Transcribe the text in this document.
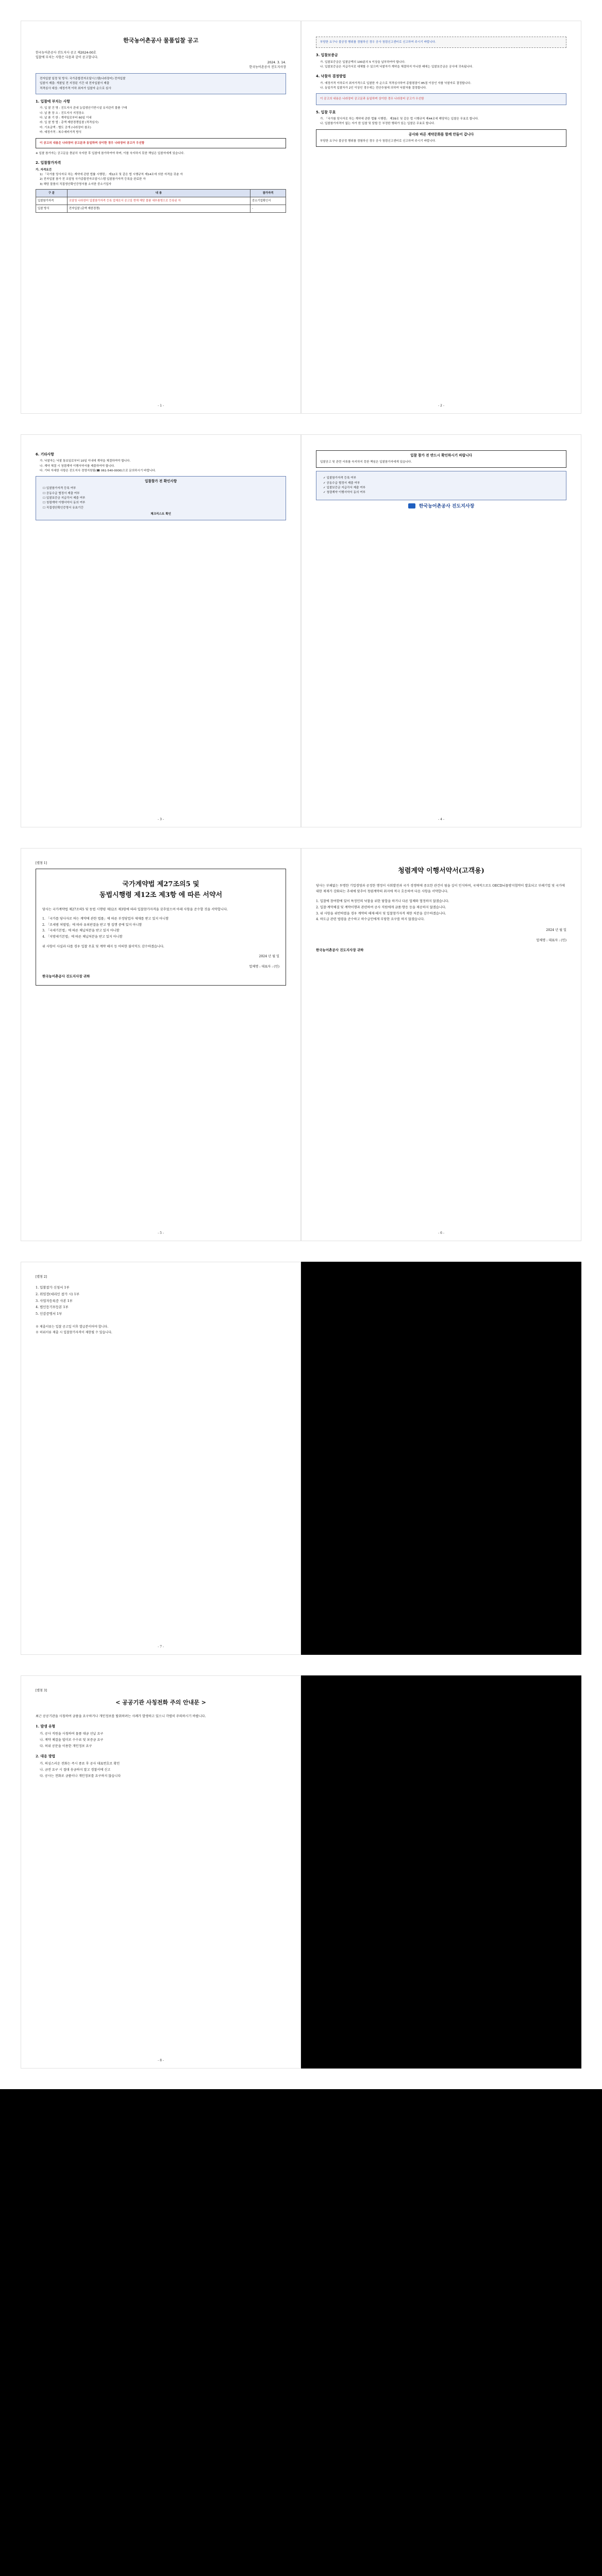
한국농어촌공사 물품입찰 공고
한국농어촌공사 진도지사 공고 제2024-00호
입찰에 부치는 사항은 다음과 같이 공고합니다.
2024. 3. 14.
한국농어촌공사 진도지사장
전자입찰 일정 및 방식: 국가종합전자조달시스템(나라장터) 전자입찰
입찰서 제출: 개찰일 전 지정된 기간 내 전자입찰서 제출
적격심사 대상: 예정가격 이하 최저가 입찰자 순으로 심사
1. 입찰에 부치는 사항
가. 입 찰 건 명 : 진도지사 관내 농업생산기반시설 유지관리 물품 구매
나. 납 품 장 소 : 진도지사 지정장소
다. 납 품 기 한 : 계약일로부터 60일 이내
라. 입 찰 방 법 : 총액 제한경쟁입찰 (적격심사)
마. 기초금액 : 별도 공개 (나라장터 참조)
바. 예정가격 : 복수예비가격 방식
이 공고의 내용은 나라장터 공고문과 동일하며 상이한 경우 나라장터 공고가 우선함
※ 입찰 참가자는 공고문을 충분히 숙지한 후 입찰에 참가하여야 하며, 이를 숙지하지 못한 책임은 입찰자에게 있습니다.
2. 입찰참가자격
가. 자격요건
1) 「국가를 당사자로 하는 계약에 관한 법률 시행령」 제12조 및 같은 법 시행규칙 제14조에 의한 자격을 갖춘 자
2) 전자입찰 참가 전 조달청 국가종합전자조달시스템 입찰참가자격 등록을 완료한 자
3) 해당 물품의 직접생산확인증명서를 소지한 중소기업자
구 분	내 용	참가자격
입찰참가자격	조달청 나라장터 입찰참가자격 등록 업체로서 공고일 현재 해당 물품 세부품명으로 등록된 자	중소기업확인서
입찰 방식	전자입찰 (총액 제한경쟁)	-
- 1 -
부당한 요구나 불공정 행위를 경험하신 경우 공사 청렴신고센터로 신고하여 주시기 바랍니다.
3. 입찰보증금
가. 입찰보증금은 입찰금액의 100분의 5 이상을 납부하여야 합니다.
나. 입찰보증금은 지급각서로 대체할 수 있으며 낙찰자가 계약을 체결하지 아니한 때에는 입찰보증금은 공사에 귀속됩니다.
4. 낙찰자 결정방법
가. 예정가격 이하로서 최저가격으로 입찰한 자 순으로 적격심사하여 종합평점이 85점 이상인 자를 낙찰자로 결정합니다.
나. 동일가격 입찰자가 2인 이상인 경우에는 전산추첨에 의하여 낙찰자를 결정합니다.
이 공고의 내용은 나라장터 공고문과 동일하며 상이한 경우 나라장터 공고가 우선함
5. 입찰 무효
가. 「국가를 당사자로 하는 계약에 관한 법률 시행령」 제39조 및 같은 법 시행규칙 제44조에 해당하는 입찰은 무효로 합니다.
나. 입찰참가자격이 없는 자가 한 입찰 및 담합 등 부정한 행위가 있는 입찰은 무효로 합니다.
공사와 바른 계약문화를 함께 만들어 갑니다
부당한 요구나 불공정 행위를 경험하신 경우 공사 청렴신고센터로 신고하여 주시기 바랍니다.
- 2 -
6. 기타사항
가. 낙찰자는 낙찰 통보일로부터 10일 이내에 계약을 체결하여야 합니다.
나. 계약 체결 시 청렴계약 이행서약서를 제출하여야 합니다.
다. 기타 자세한 사항은 진도지사 경영지원팀(☎ 061-540-0000)으로 문의하시기 바랍니다.
입찰참가 전 확인사항
☐ 입찰참가자격 등록 여부
☐ 공동수급 협정서 제출 여부
☐ 입찰보증금 지급각서 제출 여부
☐ 청렴계약 이행서약서 동의 여부
☐ 직접생산확인증명서 유효기간
체크리스트 확인
- 3 -
입찰 참가 전 반드시 확인하시기 바랍니다
입찰공고 및 관련 서류를 숙지하지 못한 책임은 입찰참가자에게 있습니다.
✓ 입찰참가자격 등록 여부
✓ 공동수급 협정서 제출 여부
✓ 입찰보증금 지급각서 제출 여부
✓ 청렴계약 이행서약서 동의 여부
한국농어촌공사 진도지사장
- 4 -
[별첨 1]
국가계약법 제27조의5 및
동법시행령 제12조 제3항 에 따른 서약서
당사는 국가계약법 제27조의5 및 동법 시행령 제12조 제3항에 따라 입찰참가자격을 갖추었으며 아래 사항을 준수할 것을 서약합니다.
1. 「국가를 당사자로 하는 계약에 관한 법률」에 따른 부정당업자 제재를 받고 있지 아니함
2. 「조세범 처벌법」에 따라 유죄판결을 받고 형 집행 중에 있지 아니함
3. 「국세기본법」에 따른 체납처분을 받고 있지 아니함
4. 「지방세기본법」에 따른 체납처분을 받고 있지 아니함
위 사항이 사실과 다를 경우 입찰 무효 및 계약 해지 등 어떠한 불이익도 감수하겠습니다.
2024 년 월 일
업체명 : 대표자 : (인)
한국농어촌공사 진도지사장 귀하
- 5 -
청렴계약 이행서약서(고객용)
당사는 부패없는 투명한 기업경영과 공정한 행정이 사회발전과 국가 경쟁력에 중요한 관건이 됨을 깊이 인식하며, 국제적으로도 OECD뇌물방지협약이 발효되고 부패기업 및 국가에 대한 제재가 강화되는 추세에 맞추어 청렴계약의 취지에 적극 호응하여 다음 사항을 서약합니다.
1. 입찰에 참여함에 있어 특정인의 낙찰을 위한 담합을 하거나 다른 업체와 협정하지 않겠습니다.
2. 입찰·계약체결 및 계약이행과 관련하여 공사 직원에게 금품·향응 등을 제공하지 않겠습니다.
3. 위 사항을 위반하였을 경우 계약의 해제·해지 및 입찰참가자격 제한 처분을 감수하겠습니다.
4. 하도급 관련 법령을 준수하고 하수급인에게 부당한 요구를 하지 않겠습니다.
2024 년 월 일
업체명 : 대표자 : (인)
한국농어촌공사 진도지사장 귀하
- 6 -
[별첨 2]
1. 입찰참가 신청서 1부
2. 위임장(대리인 참가 시) 1부
3. 사업자등록증 사본 1부
4. 법인등기부등본 1부
5. 인감증명서 1부
※ 제출서류는 입찰 공고일 이후 발급분이어야 합니다.
※ 허위서류 제출 시 입찰참가자격이 제한될 수 있습니다.
- 7 -
[별첨 3]
< 공공기관 사칭전화 주의 안내문 >
최근 공공기관을 사칭하여 금품을 요구하거나 개인정보를 탈취하려는 사례가 발생하고 있으니 각별히 주의하시기 바랍니다.
1. 발생 유형
가. 공사 직원을 사칭하여 물품 대금 선납 요구
나. 계약 체결을 빌미로 수수료 및 보증금 요구
다. 허위 공문을 이용한 개인정보 요구
2. 대응 방법
가. 의심스러운 전화는 즉시 종료 후 공사 대표번호로 확인
나. 금전 요구 시 절대 송금하지 말고 경찰서에 신고
다. 공사는 전화로 금품이나 개인정보를 요구하지 않습니다
- 8 -
